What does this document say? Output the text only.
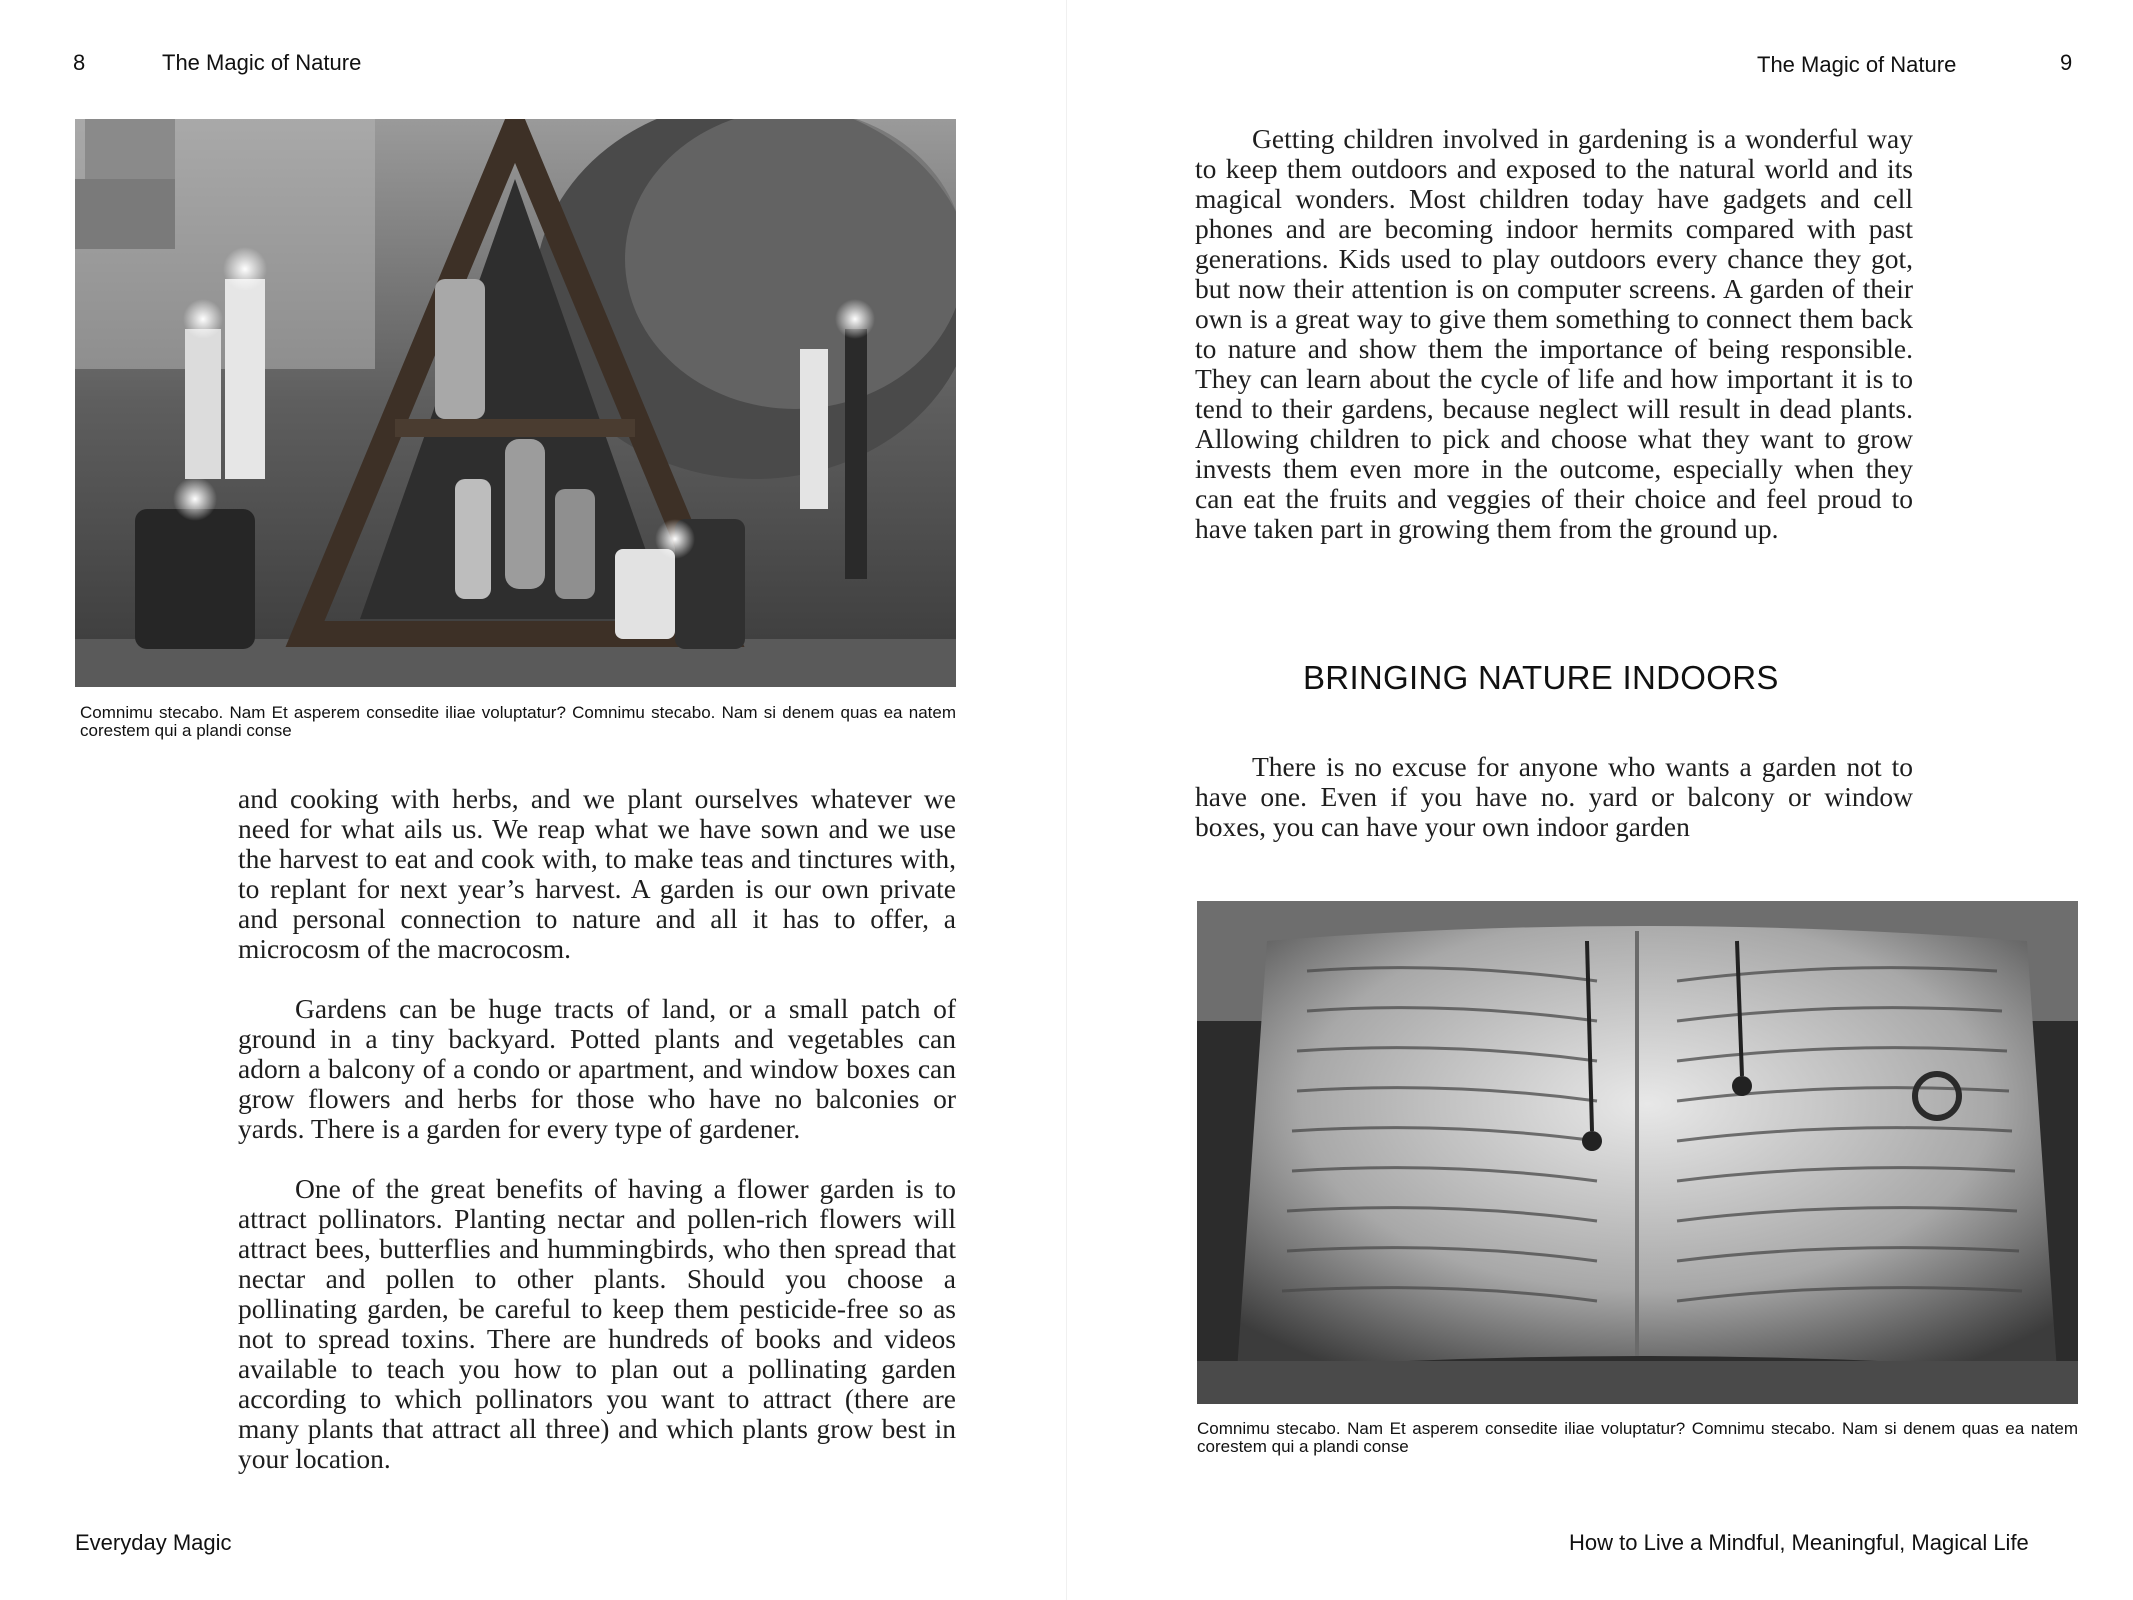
8	The Magic of Nature
Comnimu stecabo. Nam Et asperem consedite iliae voluptatur? Comnimu stecabo. Nam si denem quas ea natem corestem qui a plandi conse

and cooking with herbs, and we plant ourselves whatever we need for what ails us. We reap what we have sown and we use the harvest to eat and cook with, to make teas and tinctures with, to replant for next year’s harvest. A garden is our own private and personal connection to nature and all it has to offer, a microcosm of the macrocosm.

Gardens can be huge tracts of land, or a small patch of ground in a tiny backyard. Potted plants and vegetables can adorn a balcony of a condo or apartment, and window boxes can grow flowers and herbs for those who have no balconies or yards. There is a garden for every type of gardener.

One of the great benefits of having a flower garden is to attract pollinators. Planting nectar and pollen-rich flowers will attract bees, butterflies and hummingbirds, who then spread that nectar and pollen to other plants. Should you choose a pollinating garden, be careful to keep them pesticide-free so as not to spread toxins. There are hundreds of books and videos available to teach you how to plan out a pollinating garden according to which pollinators you want to attract (there are many plants that attract all three) and which plants grow best in your location.

Everyday Magic
The Magic of Nature	9

Getting children involved in gardening is a wonderful way to keep them outdoors and exposed to the natural world and its magical wonders. Most children today have gadgets and cell phones and are becoming indoor hermits compared with past generations. Kids used to play outdoors every chance they got, but now their attention is on computer screens. A garden of their own is a great way to give them something to connect them back to nature and show them the importance of being responsible. They can learn about the cycle of life and how important it is to tend to their gardens, because neglect will result in dead plants. Allowing children to pick and choose what they want to grow invests them even more in the outcome, especially when they can eat the fruits and veggies of their choice and feel proud to have taken part in growing them from the ground up.

BRINGING NATURE INDOORS

There is no excuse for anyone who wants a garden not to have one. Even if you have no. yard or balcony or window boxes, you can have your own indoor garden

Comnimu stecabo. Nam Et asperem consedite iliae voluptatur? Comnimu stecabo. Nam si denem quas ea natem corestem qui a plandi conse
How to Live a Mindful, Meaningful, Magical Life
